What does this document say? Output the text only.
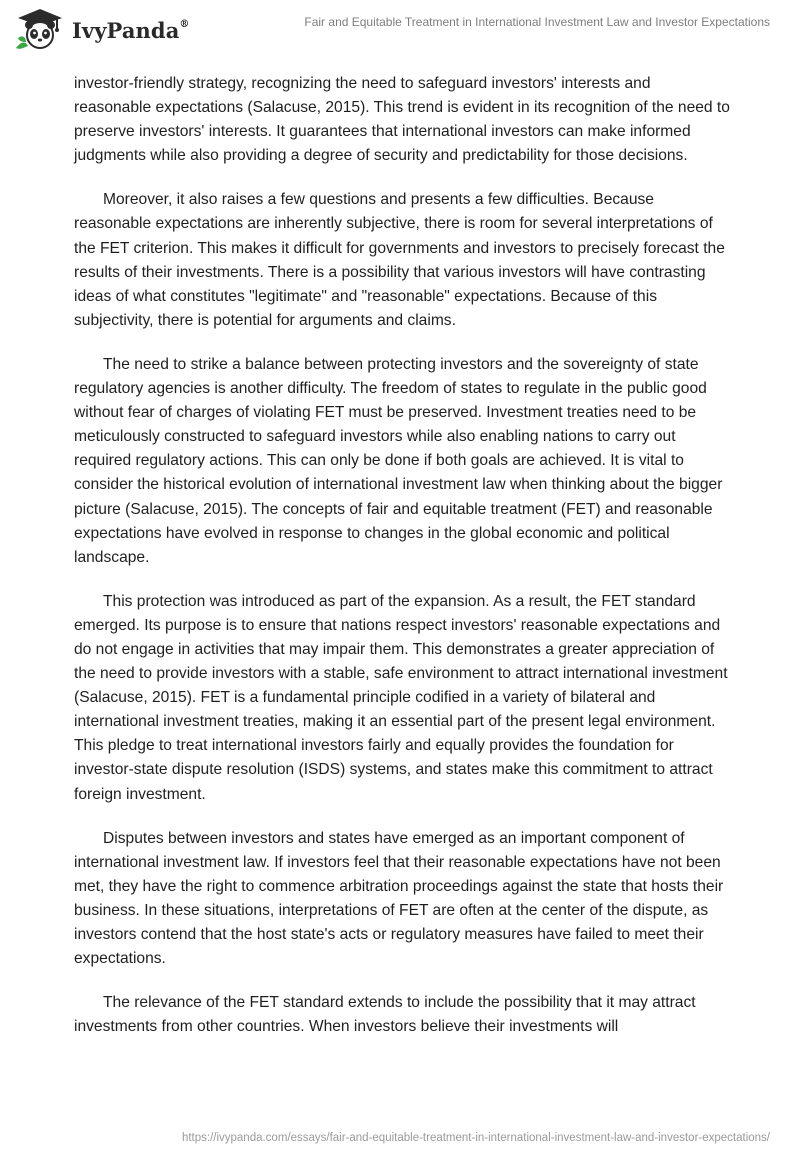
IvyPanda®	Fair and Equitable Treatment in International Investment Law and Investor Expectations

investor-friendly strategy, recognizing the need to safeguard investors' interests and reasonable expectations (Salacuse, 2015). This trend is evident in its recognition of the need to preserve investors' interests. It guarantees that international investors can make informed judgments while also providing a degree of security and predictability for those decisions.

Moreover, it also raises a few questions and presents a few difficulties. Because reasonable expectations are inherently subjective, there is room for several interpretations of the FET criterion. This makes it difficult for governments and investors to precisely forecast the results of their investments. There is a possibility that various investors will have contrasting ideas of what constitutes "legitimate" and "reasonable" expectations. Because of this subjectivity, there is potential for arguments and claims.

The need to strike a balance between protecting investors and the sovereignty of state regulatory agencies is another difficulty. The freedom of states to regulate in the public good without fear of charges of violating FET must be preserved. Investment treaties need to be meticulously constructed to safeguard investors while also enabling nations to carry out required regulatory actions. This can only be done if both goals are achieved. It is vital to consider the historical evolution of international investment law when thinking about the bigger picture (Salacuse, 2015). The concepts of fair and equitable treatment (FET) and reasonable expectations have evolved in response to changes in the global economic and political landscape.

This protection was introduced as part of the expansion. As a result, the FET standard emerged. Its purpose is to ensure that nations respect investors' reasonable expectations and do not engage in activities that may impair them. This demonstrates a greater appreciation of the need to provide investors with a stable, safe environment to attract international investment (Salacuse, 2015). FET is a fundamental principle codified in a variety of bilateral and international investment treaties, making it an essential part of the present legal environment. This pledge to treat international investors fairly and equally provides the foundation for investor-state dispute resolution (ISDS) systems, and states make this commitment to attract foreign investment.

Disputes between investors and states have emerged as an important component of international investment law. If investors feel that their reasonable expectations have not been met, they have the right to commence arbitration proceedings against the state that hosts their business. In these situations, interpretations of FET are often at the center of the dispute, as investors contend that the host state's acts or regulatory measures have failed to meet their expectations.

The relevance of the FET standard extends to include the possibility that it may attract investments from other countries. When investors believe their investments will

https://ivypanda.com/essays/fair-and-equitable-treatment-in-international-investment-law-and-investor-expectations/
